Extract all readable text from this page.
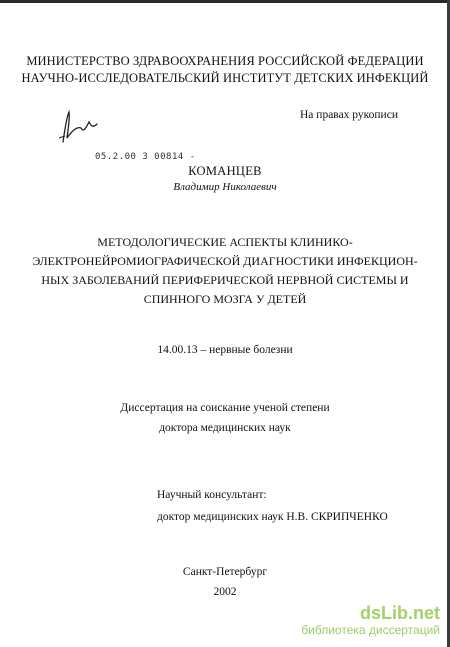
МИНИСТЕРСТВО ЗДРАВООХРАНЕНИЯ РОССИЙСКОЙ ФЕДЕРАЦИИ
НАУЧНО-ИССЛЕДОВАТЕЛЬСКИЙ ИНСТИТУТ ДЕТСКИХ ИНФЕКЦИЙ
На правах рукописи
05.2.00 3 00814 -
КОМАНЦЕВ
Владимир Николаевич
МЕТОДОЛОГИЧЕСКИЕ АСПЕКТЫ КЛИНИКО-
ЭЛЕКТРОНЕЙРОМИОГРАФИЧЕСКОЙ ДИАГНОСТИКИ ИНФЕКЦИОН-
НЫХ ЗАБОЛЕВАНИЙ ПЕРИФЕРИЧЕСКОЙ НЕРВНОЙ СИСТЕМЫ И
СПИННОГО МОЗГА У ДЕТЕЙ
14.00.13 – нервные болезни
Диссертация на соискание ученой степени
доктора медицинских наук
Научный консультант:
доктор медицинских наук Н.В. СКРИПЧЕНКО
Санкт-Петербург
2002
dsLib.net
библиотека диссертаций
